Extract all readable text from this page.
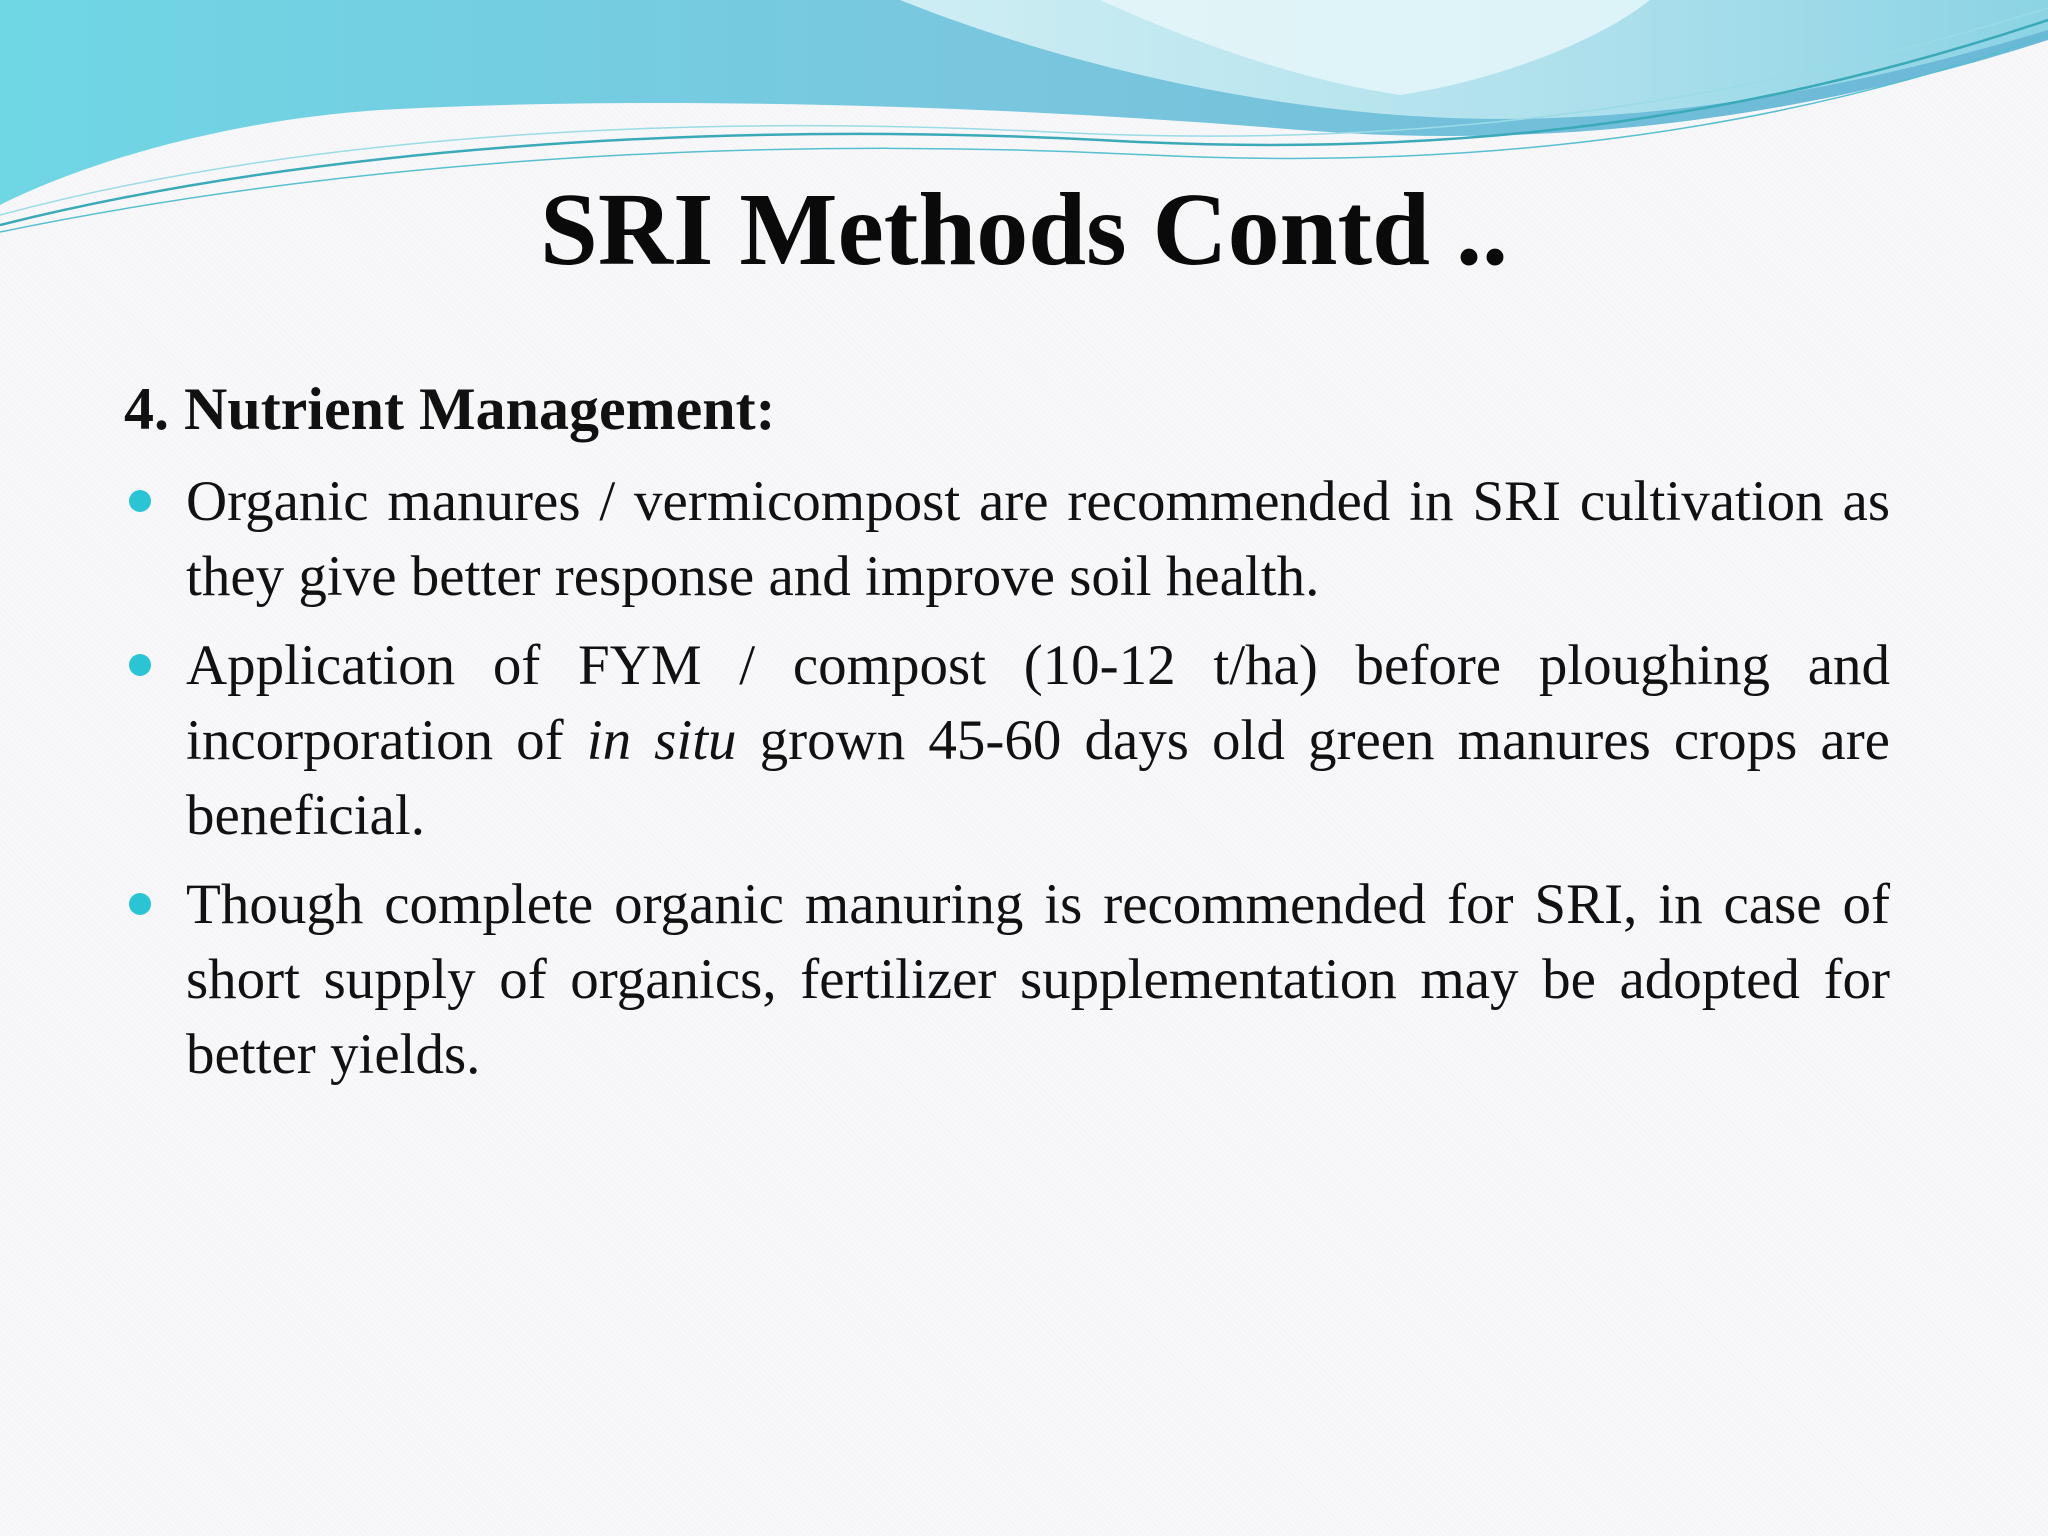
SRI Methods Contd ..
4. Nutrient Management:
Organic manures / vermicompost are recommended in SRI cultivation as they give better response and improve soil health.
Application of FYM / compost (10-12 t/ha) before ploughing and incorporation of in situ grown 45-60 days old green manures crops are beneficial.
Though complete organic manuring is recommended for SRI, in case of short supply of organics, fertilizer supplementation may be adopted for better yields.
